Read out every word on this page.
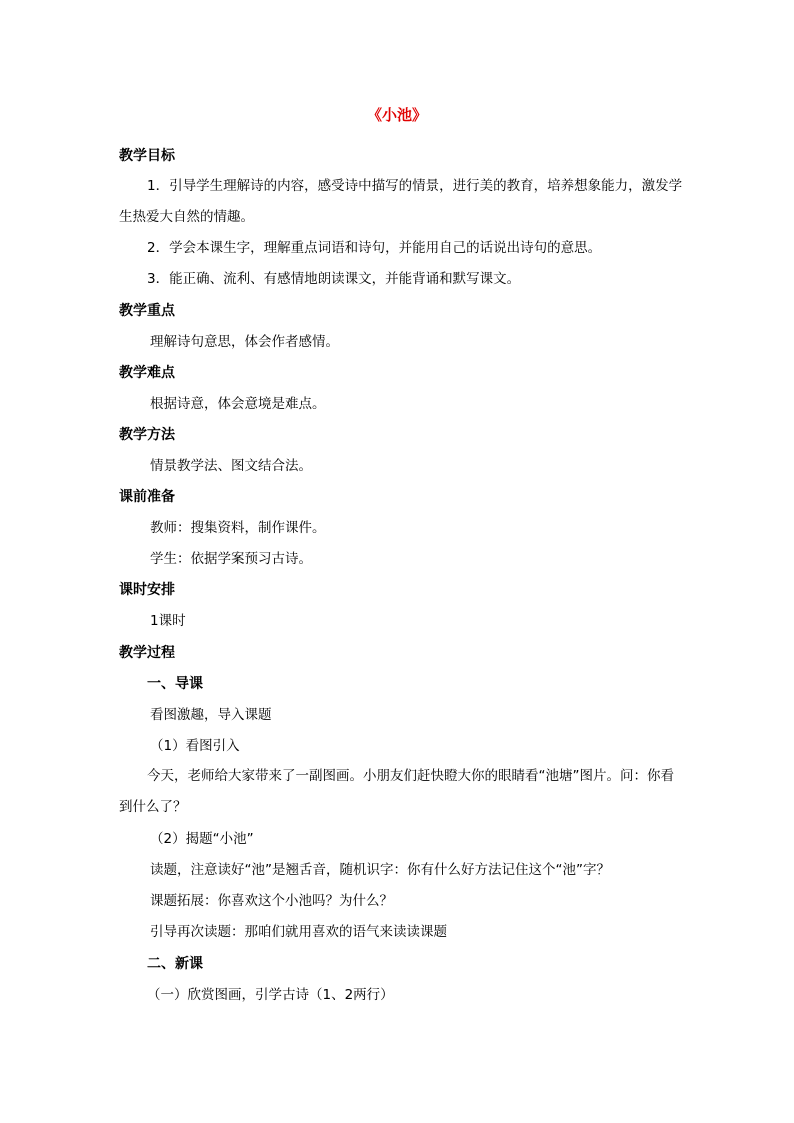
《小池》
教学目标
1．引导学生理解诗的内容，感受诗中描写的情景，进行美的教育，培养想象能力，激发学生热爱大自然的情趣。
2．学会本课生字，理解重点词语和诗句，并能用自己的话说出诗句的意思。
3．能正确、流利、有感情地朗读课文，并能背诵和默写课文。
教学重点
理解诗句意思，体会作者感情。
教学难点
根据诗意，体会意境是难点。
教学方法
情景教学法、图文结合法。
课前准备
教师：搜集资料，制作课件。
学生：依据学案预习古诗。
课时安排
1课时
教学过程
一、导课
看图激趣，导入课题
（1）看图引入
今天，老师给大家带来了一副图画。小朋友们赶快瞪大你的眼睛看“池塘”图片。问：你看到什么了？
（2）揭题“小池”
读题，注意读好“池”是翘舌音，随机识字：你有什么好方法记住这个“池”字？
课题拓展：你喜欢这个小池吗？为什么？
引导再次读题：那咱们就用喜欢的语气来读读课题
二、新课
（一）欣赏图画，引学古诗（1、2两行）
